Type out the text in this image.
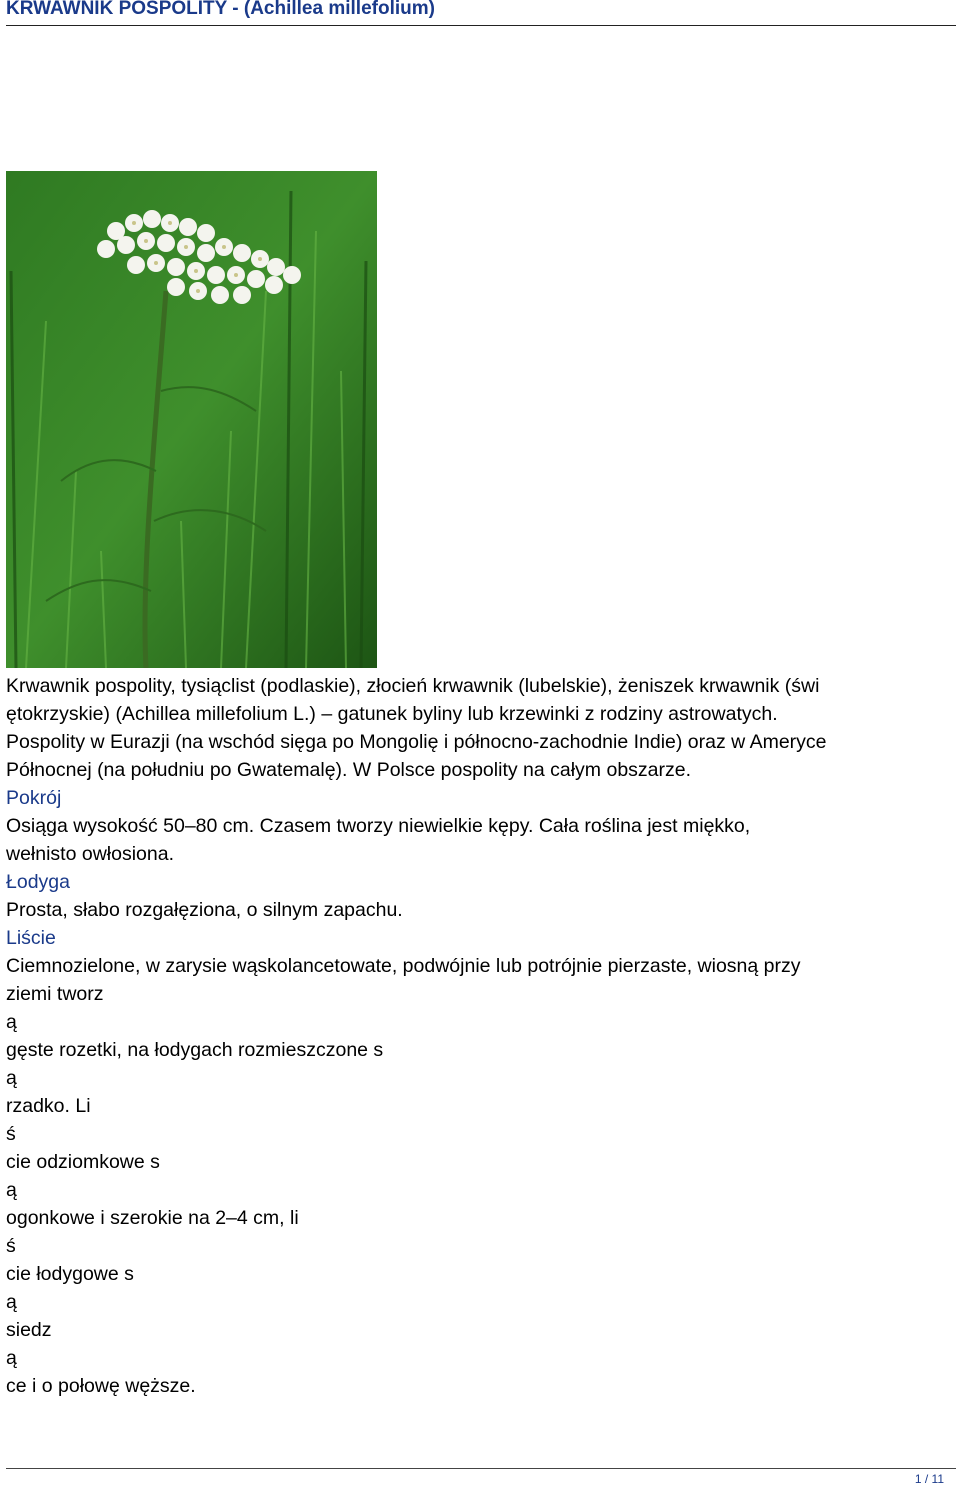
KRWAWNIK POSPOLITY - (Achillea millefolium)
Krwawnik pospolity, tysiąclist (podlaskie), złocień krwawnik (lubelskie), żeniszek krwawnik (świ
ętokrzyskie) (Achillea millefolium L.) – gatunek byliny lub krzewinki z rodziny astrowatych.
Pospolity w Eurazji (na wschód sięga po Mongolię i północno-zachodnie Indie) oraz w Ameryce
Północnej (na południu po Gwatemalę). W Polsce pospolity na całym obszarze.
Pokrój
Osiąga wysokość 50–80 cm. Czasem tworzy niewielkie kępy. Cała roślina jest miękko,
wełnisto owłosiona.
Łodyga
Prosta, słabo rozgałęziona, o silnym zapachu.
Liście
Ciemnozielone, w zarysie wąskolancetowate, podwójnie lub potrójnie pierzaste, wiosną przy
ziemi tworz
ą
gęste rozetki, na łodygach rozmieszczone s
ą
rzadko. Li
ś
cie odziomkowe s
ą
ogonkowe i szerokie na 2–4 cm, li
ś
cie łodygowe s
ą
siedz
ą
ce i o połowę węższe.
1 / 11
